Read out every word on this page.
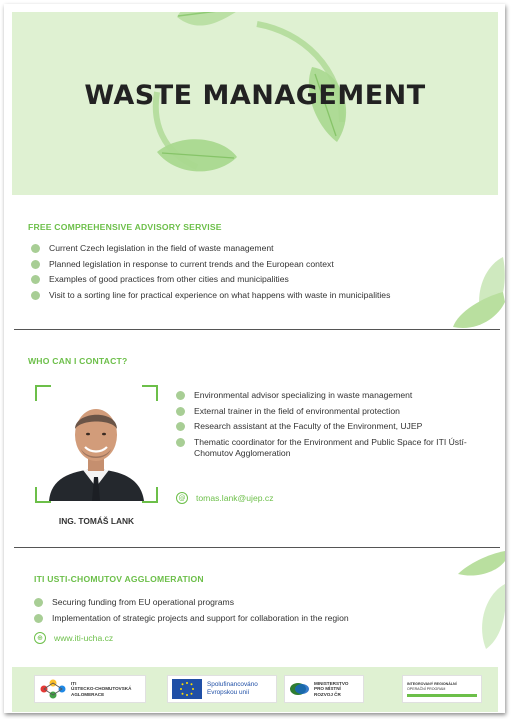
WASTE MANAGEMENT
FREE COMPREHENSIVE ADVISORY SERVISE
Current Czech legislation in the field of waste management
Planned legislation in response to current trends and the European context
Examples of good practices from other cities and municipalities
Visit to a sorting line for practical experience on what happens with waste in municipalities
WHO CAN I CONTACT?

ING. TOMÁŠ LANK

Environmental advisor specializing in waste management
External trainer in the field of environmental protection
Research assistant at the Faculty of the Environment, UJEP
Thematic coordinator for the Environment and Public Space for ITI Ústí-Chomutov Agglomeration
@ tomas.lank@ujep.cz
ITI USTI-CHOMUTOV AGGLOMERATION
Securing funding from EU operational programs
Implementation of strategic projects and support for collaboration in the region
⊕	www.iti-ucha.cz
ITI
ÚSTECKO-CHOMUTOVSKÁ
AGLOMERACE
Spolufinancováno
Evropskou unií
MINISTERSTVO
PRO MÍSTNÍ
ROZVOJ ČR
INTEGROVANÝ REGIONÁLNÍ
OPERAČNÍ PROGRAM
